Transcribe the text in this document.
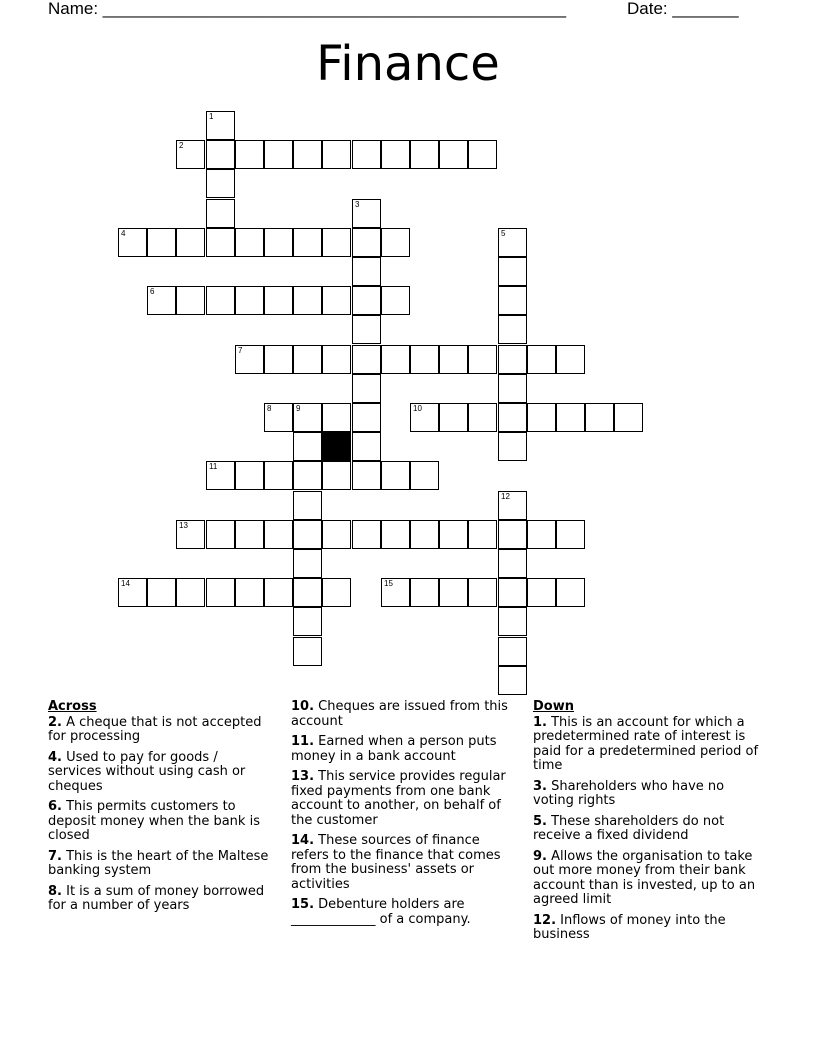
Name: _________________________________________________	Date: _______
Finance
2
4
6
7
8	9	10
11
13
14	15
1
3
5
12
Across
2. A cheque that is not accepted for processing
4. Used to pay for goods / services without using cash or cheques
6. This permits customers to deposit money when the bank is closed
7. This is the heart of the Maltese banking system
8. It is a sum of money borrowed for a number of years
10. Cheques are issued from this account
11. Earned when a person puts money in a bank account
13. This service provides regular fixed payments from one bank account to another, on behalf of the customer
14. These sources of finance refers to the finance that comes from the business' assets or activities
15. Debenture holders are _____________ of a company.
Down
1. This is an account for which a predetermined rate of interest is paid for a predetermined period of time
3. Shareholders who have no voting rights
5. These shareholders do not receive a fixed dividend
9. Allows the organisation to take out more money from their bank account than is invested, up to an agreed limit
12. Inflows of money into the business
